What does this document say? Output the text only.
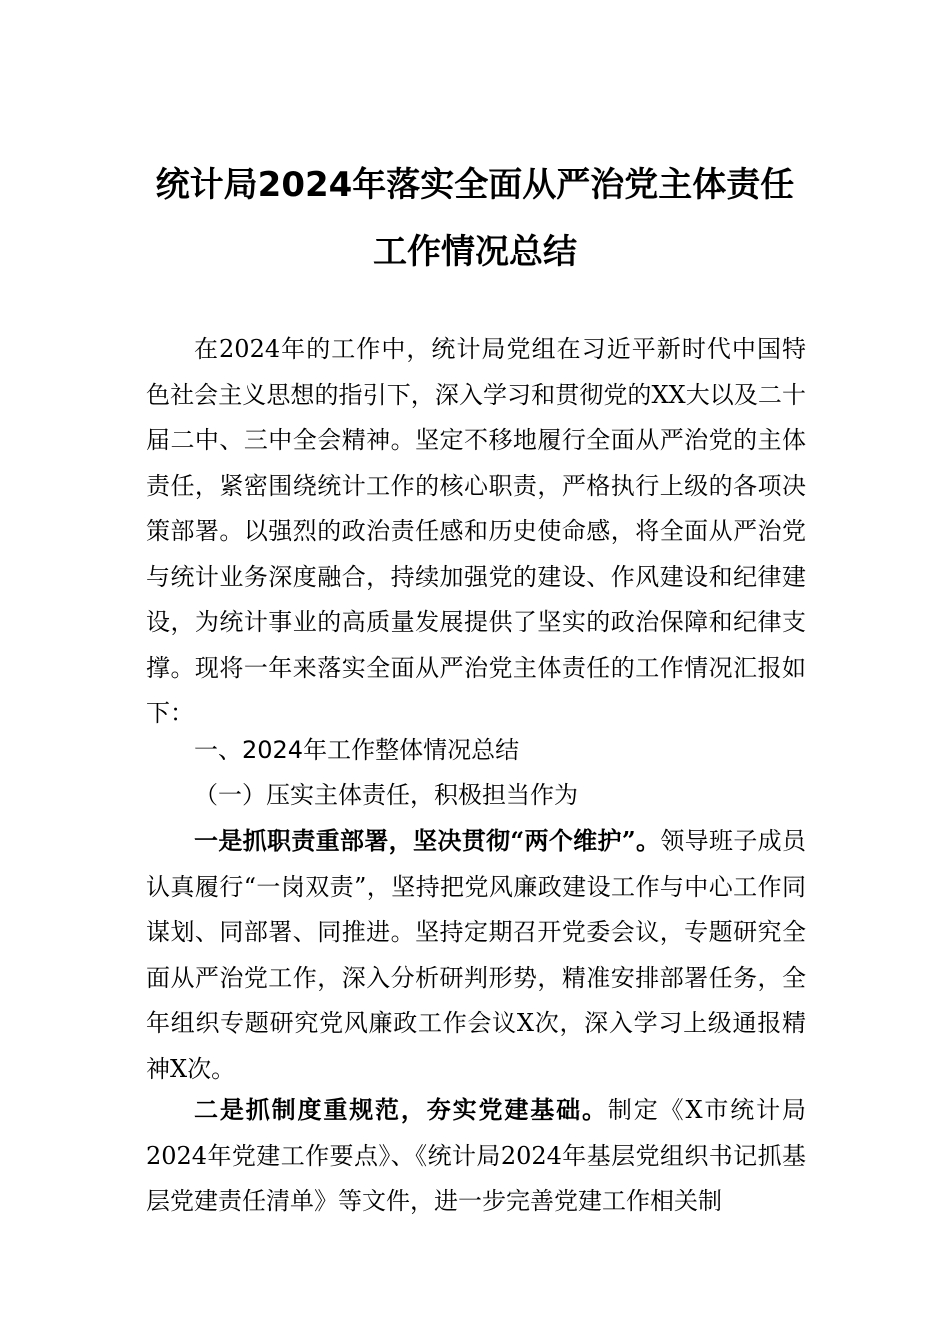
统计局2024年落实全面从严治党主体责任
工作情况总结

在2024年的工作中，统计局党组在习近平新时代中国特色社会主义思想的指引下，深入学习和贯彻党的XX大以及二十届二中、三中全会精神。坚定不移地履行全面从严治党的主体责任，紧密围绕统计工作的核心职责，严格执行上级的各项决策部署。以强烈的政治责任感和历史使命感，将全面从严治党与统计业务深度融合，持续加强党的建设、作风建设和纪律建设，为统计事业的高质量发展提供了坚实的政治保障和纪律支撑。现将一年来落实全面从严治党主体责任的工作情况汇报如下：

一、2024年工作整体情况总结
（一）压实主体责任，积极担当作为

一是抓职责重部署，坚决贯彻“两个维护”。领导班子成员认真履行“一岗双责”，坚持把党风廉政建设工作与中心工作同谋划、同部署、同推进。坚持定期召开党委会议，专题研究全面从严治党工作，深入分析研判形势，精准安排部署任务，全年组织专题研究党风廉政工作会议X次，深入学习上级通报精神X次。

二是抓制度重规范，夯实党建基础。制定《X市统计局2024年党建工作要点》、《统计局2024年基层党组织书记抓基层党建责任清单》等文件，进一步完善党建工作相关制
